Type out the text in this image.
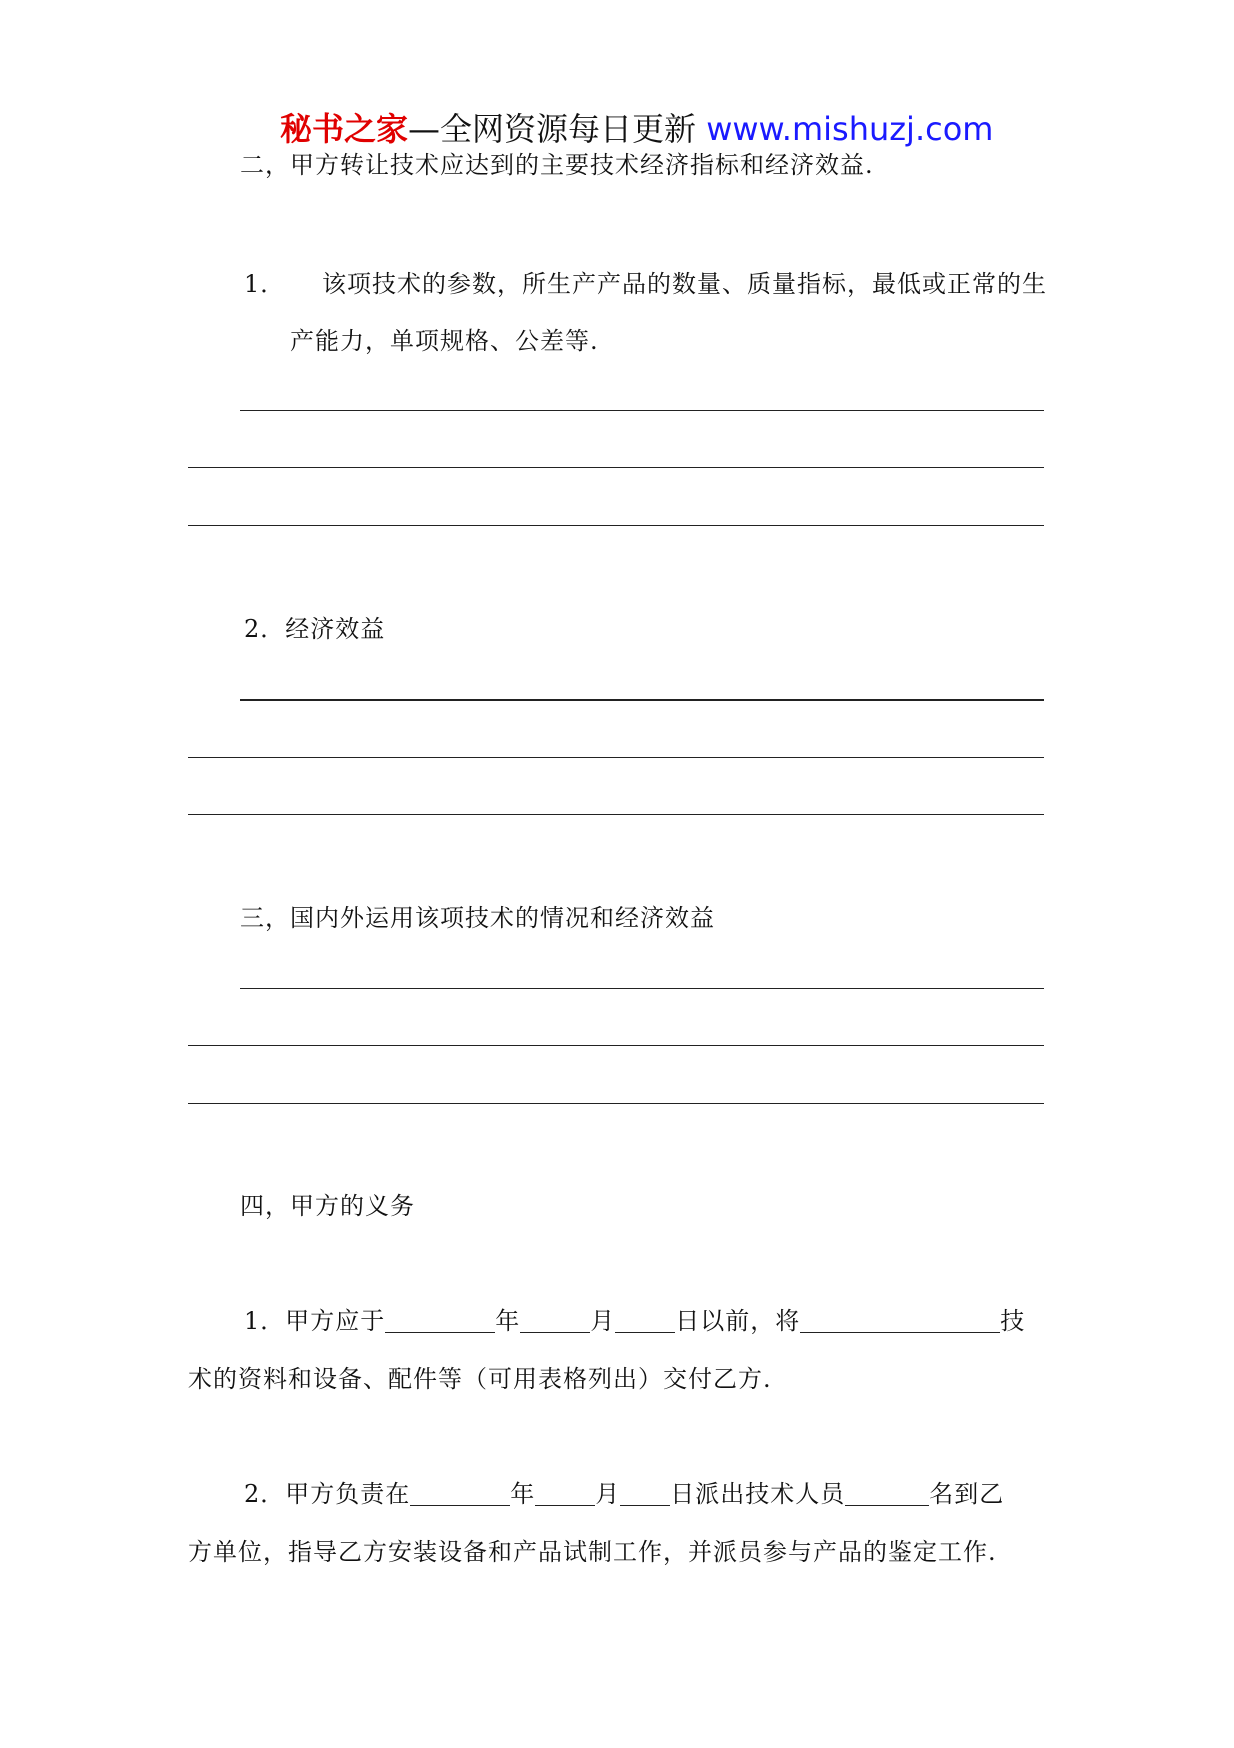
秘书之家—全网资源每日更新 www.mishuzj.com
二，甲方转让技术应达到的主要技术经济指标和经济效益.
1． 该项技术的参数，所生产产品的数量、质量指标，最低或正常的生
产能力，单项规格、公差等.
2．经济效益
三，国内外运用该项技术的情况和经济效益
四，甲方的义务
1．甲方应于	年	月	日以前，将	技
术的资料和设备、配件等（可用表格列出）交付乙方.
2．甲方负责在	年	月 日派出技术人员	名到乙
方单位，指导乙方安装设备和产品试制工作，并派员参与产品的鉴定工作.
